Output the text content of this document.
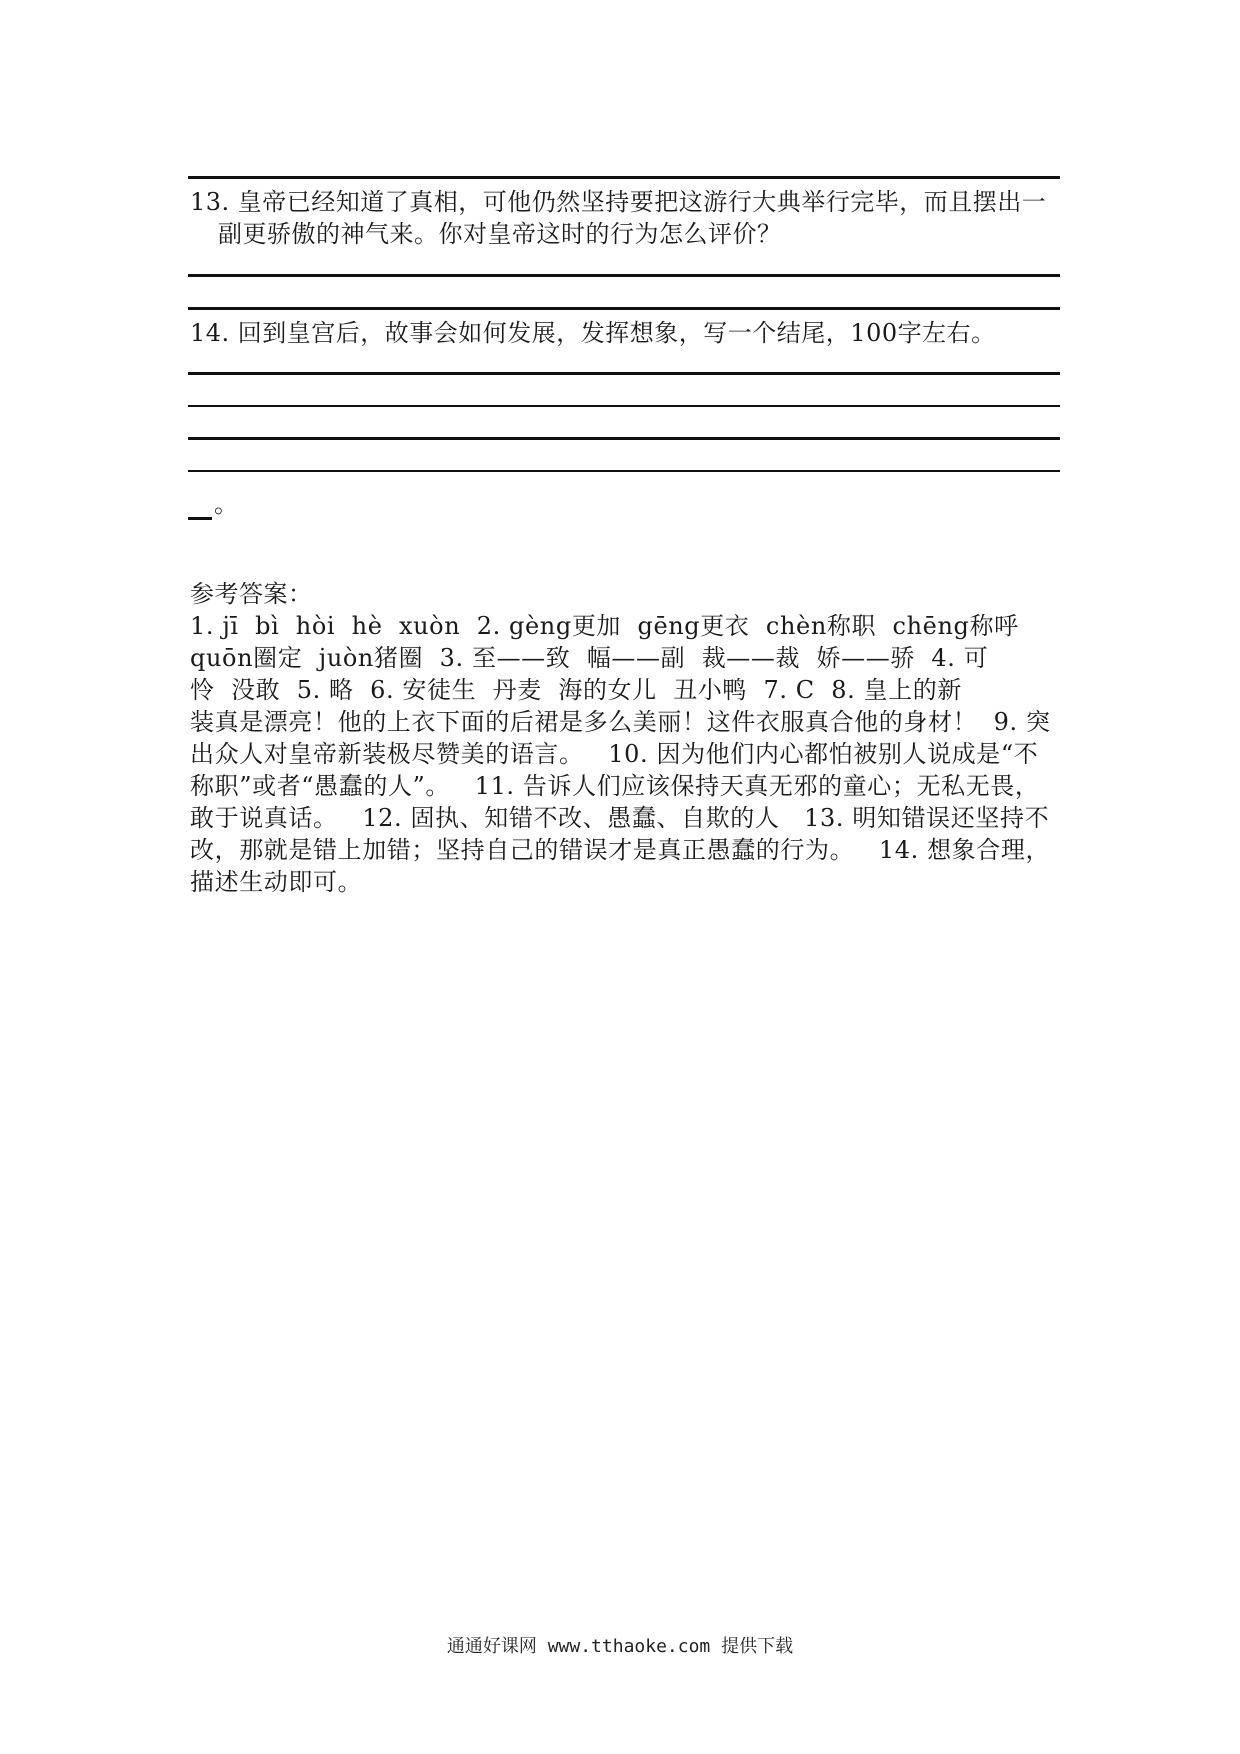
13. 皇帝已经知道了真相，可他仍然坚持要把这游行大典举行完毕，而且摆出一
副更骄傲的神气来。你对皇帝这时的行为怎么评价？
14. 回到皇宫后，故事会如何发展，发挥想象，写一个结尾，100字左右。
。
参考答案：
1. jī  bì  hòi  hè  xuòn  2. gèng更加  gēng更衣  chèn称职  chēng称呼
quōn圈定  juòn猪圈  3. 至——致  幅——副  裁——裁  娇——骄  4. 可
怜  没敢  5. 略  6. 安徒生  丹麦  海的女儿  丑小鸭  7. C  8. 皇上的新
装真是漂亮！他的上衣下面的后裙是多么美丽！这件衣服真合他的身材！  9. 突
出众人对皇帝新装极尽赞美的语言。   10. 因为他们内心都怕被别人说成是“不
称职”或者“愚蠢的人”。   11. 告诉人们应该保持天真无邪的童心；无私无畏，
敢于说真话。   12. 固执、知错不改、愚蠢、自欺的人   13. 明知错误还坚持不
改，那就是错上加错；坚持自己的错误才是真正愚蠢的行为。   14. 想象合理，
描述生动即可。
通通好课网 www.tthaoke.com 提供下载
